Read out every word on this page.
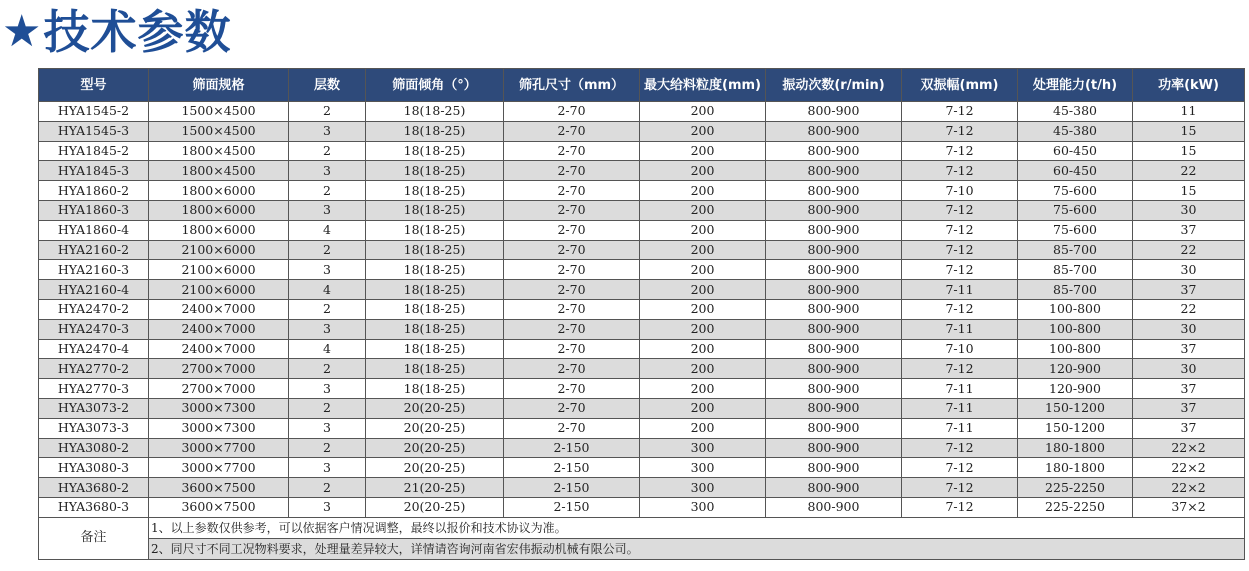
★ 技术参数
型号	筛面规格	层数	筛面倾角（°）	筛孔尺寸（mm）	最大给料粒度(mm)	振动次数(r/min)	双振幅(mm)	处理能力(t/h)	功率(kW)
HYA1545-2	1500×4500	2	18(18-25)	2-70	200	800-900	7-12	45-380	11
HYA1545-3	1500×4500	3	18(18-25)	2-70	200	800-900	7-12	45-380	15
HYA1845-2	1800×4500	2	18(18-25)	2-70	200	800-900	7-12	60-450	15
HYA1845-3	1800×4500	3	18(18-25)	2-70	200	800-900	7-12	60-450	22
HYA1860-2	1800×6000	2	18(18-25)	2-70	200	800-900	7-10	75-600	15
HYA1860-3	1800×6000	3	18(18-25)	2-70	200	800-900	7-12	75-600	30
HYA1860-4	1800×6000	4	18(18-25)	2-70	200	800-900	7-12	75-600	37
HYA2160-2	2100×6000	2	18(18-25)	2-70	200	800-900	7-12	85-700	22
HYA2160-3	2100×6000	3	18(18-25)	2-70	200	800-900	7-12	85-700	30
HYA2160-4	2100×6000	4	18(18-25)	2-70	200	800-900	7-11	85-700	37
HYA2470-2	2400×7000	2	18(18-25)	2-70	200	800-900	7-12	100-800	22
HYA2470-3	2400×7000	3	18(18-25)	2-70	200	800-900	7-11	100-800	30
HYA2470-4	2400×7000	4	18(18-25)	2-70	200	800-900	7-10	100-800	37
HYA2770-2	2700×7000	2	18(18-25)	2-70	200	800-900	7-12	120-900	30
HYA2770-3	2700×7000	3	18(18-25)	2-70	200	800-900	7-11	120-900	37
HYA3073-2	3000×7300	2	20(20-25)	2-70	200	800-900	7-11	150-1200	37
HYA3073-3	3000×7300	3	20(20-25)	2-70	200	800-900	7-11	150-1200	37
HYA3080-2	3000×7700	2	20(20-25)	2-150	300	800-900	7-12	180-1800	22×2
HYA3080-3	3000×7700	3	20(20-25)	2-150	300	800-900	7-12	180-1800	22×2
HYA3680-2	3600×7500	2	21(20-25)	2-150	300	800-900	7-12	225-2250	22×2
HYA3680-3	3600×7500	3	20(20-25)	2-150	300	800-900	7-12	225-2250	37×2
备注	1、以上参数仅供参考，可以依据客户情况调整，最终以报价和技术协议为准。								
	2、同尺寸不同工况物料要求，处理量差异较大，详情请咨询河南省宏伟振动机械有限公司。								
